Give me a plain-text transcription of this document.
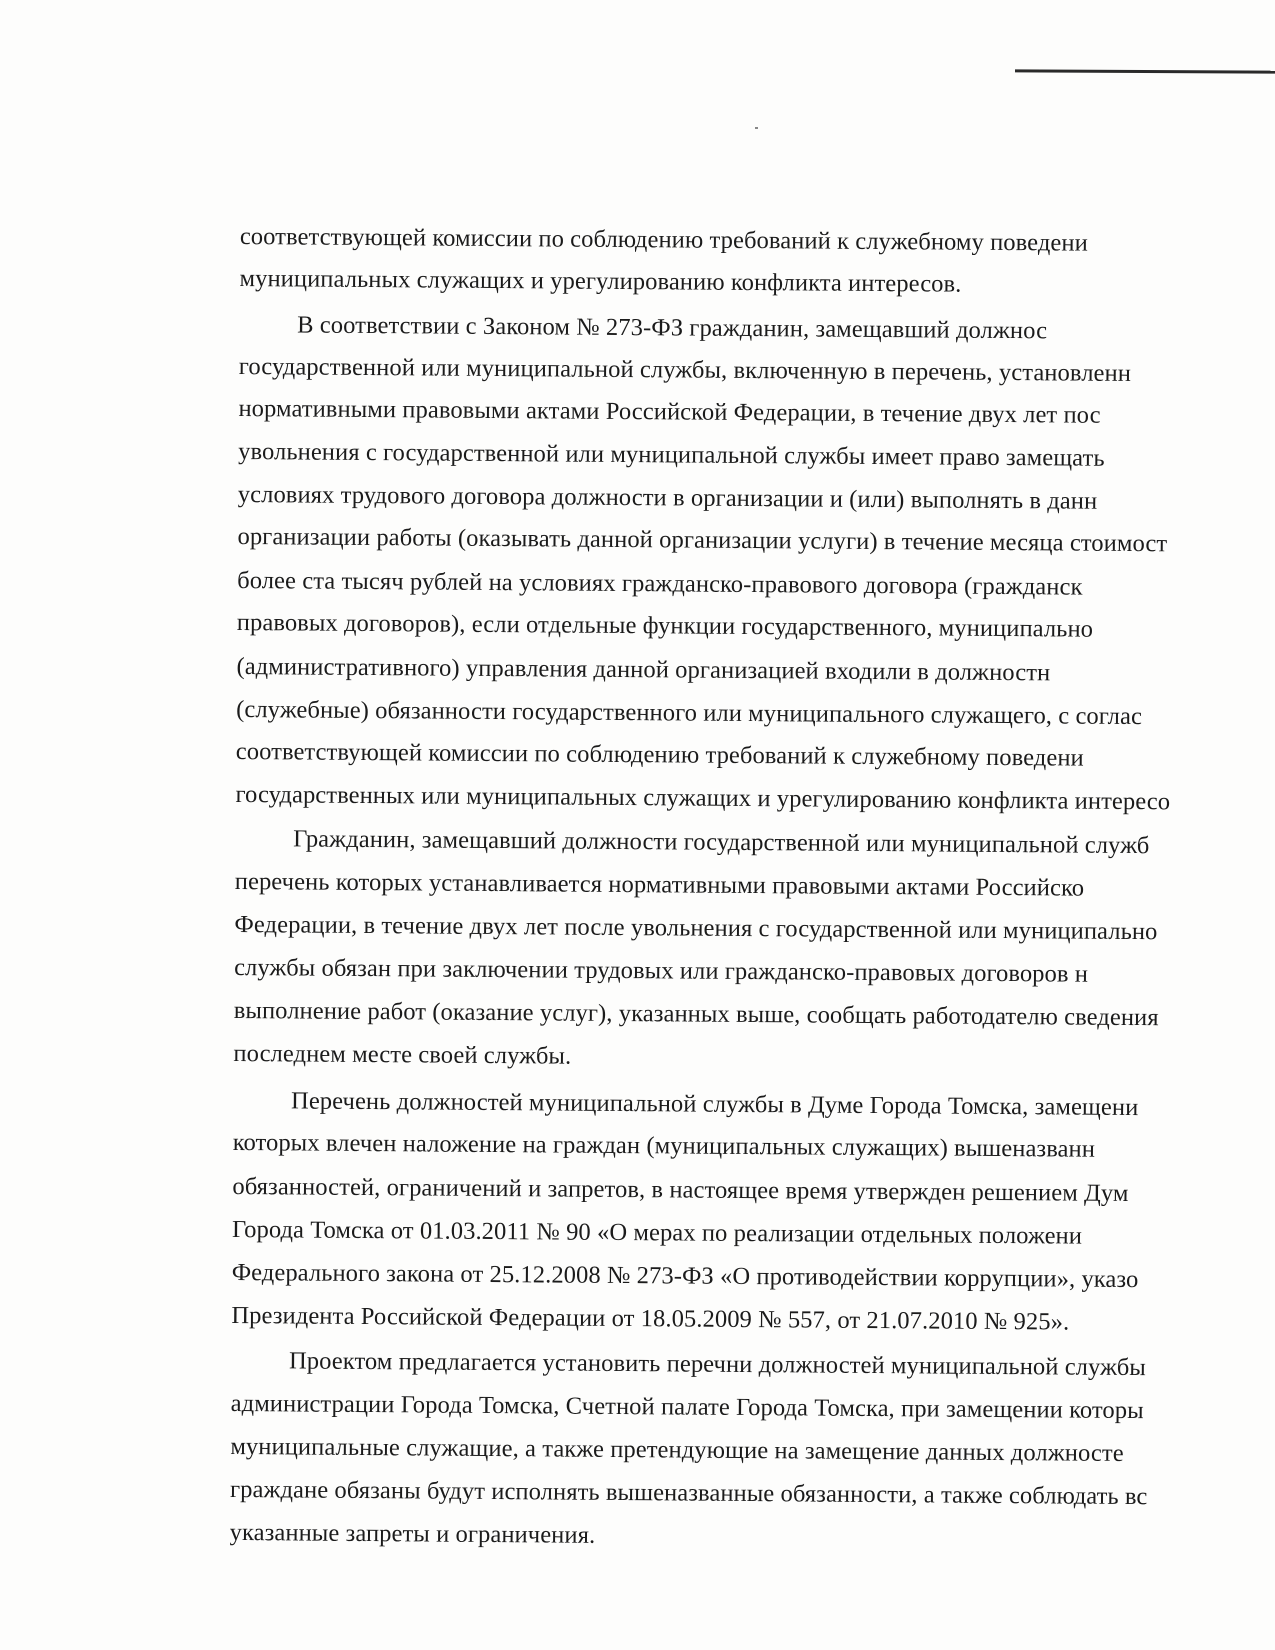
соответствующей комиссии по соблюдению требований к служебному поведени
муниципальных служащих и урегулированию конфликта интересов.
В соответствии с Законом № 273-ФЗ гражданин, замещавший должнос
государственной или муниципальной службы, включенную в перечень, установленн
нормативными правовыми актами Российской Федерации, в течение двух лет пос
увольнения с государственной или муниципальной службы имеет право замещать
условиях трудового договора должности в организации и (или) выполнять в данн
организации работы (оказывать данной организации услуги) в течение месяца стоимост
более ста тысяч рублей на условиях гражданско-правового договора (гражданск
правовых договоров), если отдельные функции государственного, муниципально
(административного) управления данной организацией входили в должностн
(служебные) обязанности государственного или муниципального служащего, с соглас
соответствующей комиссии по соблюдению требований к служебному поведени
государственных или муниципальных служащих и урегулированию конфликта интересо
Гражданин, замещавший должности государственной или муниципальной служб
перечень которых устанавливается нормативными правовыми актами Российско
Федерации, в течение двух лет после увольнения с государственной или муниципально
службы обязан при заключении трудовых или гражданско-правовых договоров н
выполнение работ (оказание услуг), указанных выше, сообщать работодателю сведения
последнем месте своей службы.
Перечень должностей муниципальной службы в Думе Города Томска, замещени
которых влечен наложение на граждан (муниципальных служащих) вышеназванн
обязанностей, ограничений и запретов, в настоящее время утвержден решением Дум
Города Томска от 01.03.2011 № 90 «О мерах по реализации отдельных положени
Федерального закона от 25.12.2008 № 273-ФЗ «О противодействии коррупции», указо
Президента Российской Федерации от 18.05.2009 № 557, от 21.07.2010 № 925».
Проектом предлагается установить перечни должностей муниципальной службы
администрации Города Томска, Счетной палате Города Томска, при замещении которы
муниципальные служащие, а также претендующие на замещение данных должносте
граждане обязаны будут исполнять вышеназванные обязанности, а также соблюдать вс
указанные запреты и ограничения.
